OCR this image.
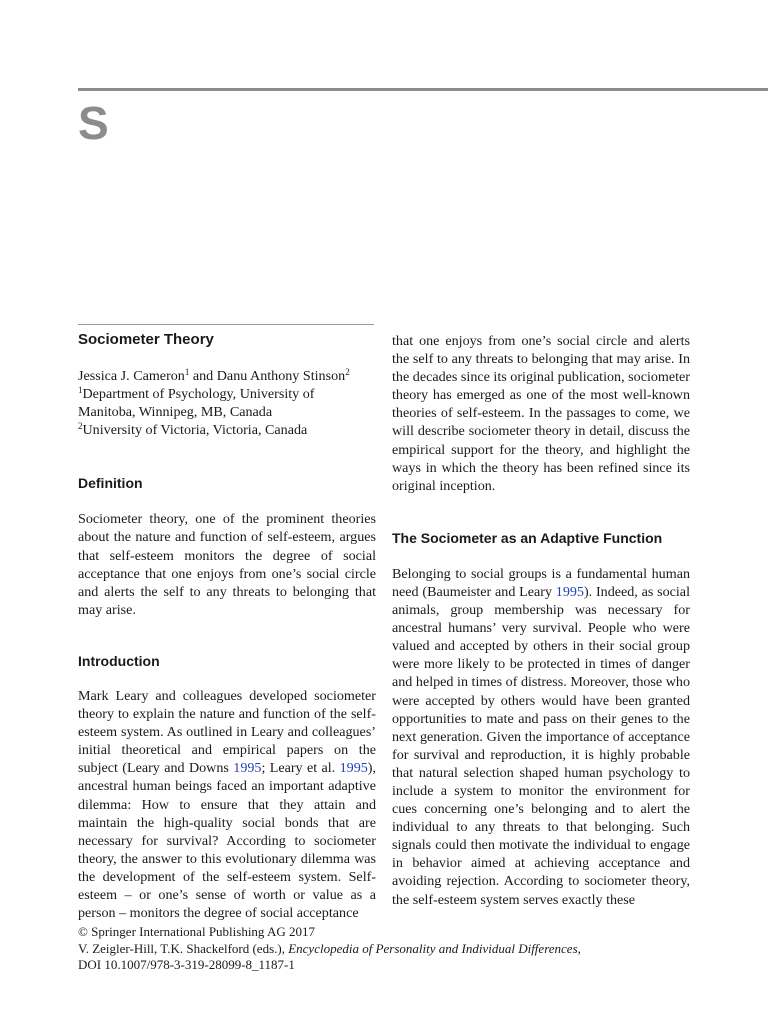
S
Sociometer Theory
Jessica J. Cameron$^1$ and Danu Anthony Stinson$^2$
$^1$Department of Psychology, University of
Manitoba, Winnipeg, MB, Canada
$^2$University of Victoria, Victoria, Canada
Definition

Sociometer theory, one of the prominent theories about the nature and function of self-esteem, argues that self-esteem monitors the degree of social acceptance that one enjoys from one’s social circle and alerts the self to any threats to belonging that may arise.

Introduction

Mark Leary and colleagues developed sociometer theory to explain the nature and function of the self-esteem system. As outlined in Leary and colleagues’ initial theoretical and empirical papers on the subject (Leary and Downs 1995; Leary et al. 1995), ancestral human beings faced an important adaptive dilemma: How to ensure that they attain and maintain the high-quality social bonds that are necessary for survival? According to sociometer theory, the answer to this evolutionary dilemma was the development of the self-esteem system. Self-esteem – or one’s sense of worth or value as a person – monitors the degree of social acceptance

that one enjoys from one’s social circle and alerts the self to any threats to belonging that may arise. In the decades since its original publication, sociometer theory has emerged as one of the most well-known theories of self-esteem. In the passages to come, we will describe sociometer theory in detail, discuss the empirical support for the theory, and highlight the ways in which the theory has been refined since its original inception.

The Sociometer as an Adaptive Function

Belonging to social groups is a fundamental human need (Baumeister and Leary 1995). Indeed, as social animals, group membership was necessary for ancestral humans’ very survival. People who were valued and accepted by others in their social group were more likely to be protected in times of danger and helped in times of distress. Moreover, those who were accepted by others would have been granted opportunities to mate and pass on their genes to the next generation. Given the importance of acceptance for survival and reproduction, it is highly probable that natural selection shaped human psychology to include a system to monitor the environment for cues concerning one’s belonging and to alert the individual to any threats to that belonging. Such signals could then motivate the individual to engage in behavior aimed at achieving acceptance and avoiding rejection. According to sociometer theory, the self-esteem system serves exactly these

© Springer International Publishing AG 2017
V. Zeigler-Hill, T.K. Shackelford (eds.), Encyclopedia of Personality and Individual Differences,
DOI 10.1007/978-3-319-28099-8_1187-1
